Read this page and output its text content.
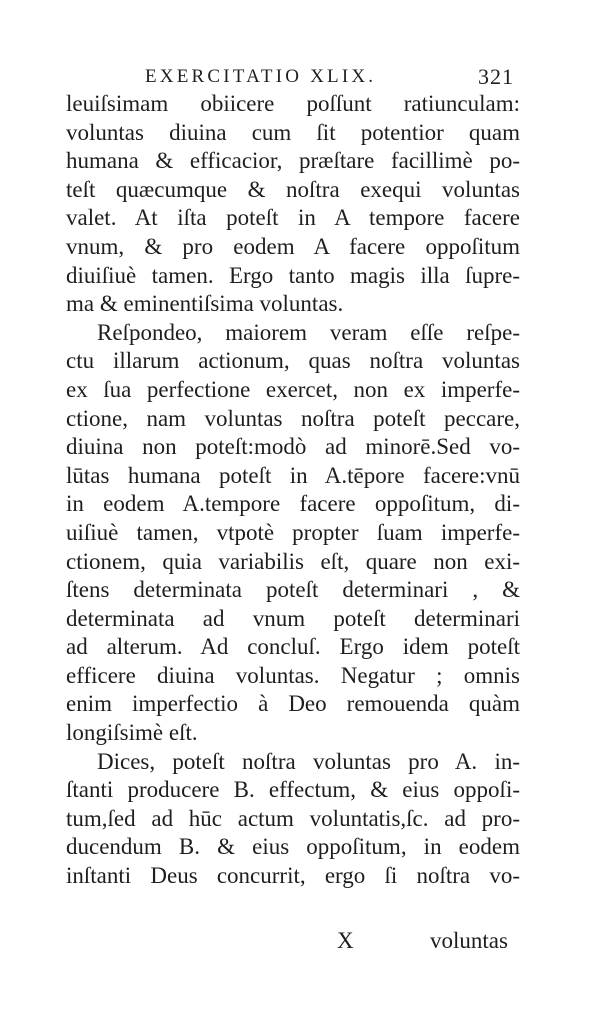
EXERCITATIO XLIX.	321
leuiſsimam obiicere poſſunt ratiunculam:
voluntas diuina cum ſit potentior quam
humana & efficacior, præſtare facillimè po-
teſt quæcumque & noſtra exequi voluntas
valet. At iſta poteſt in A tempore facere
vnum, & pro eodem A facere oppoſitum
diuiſiuè tamen. Ergo tanto magis illa ſupre-
ma & eminentiſsima voluntas.
Reſpondeo, maiorem veram eſſe reſpe-
ctu illarum actionum, quas noſtra voluntas
ex ſua perfectione exercet, non ex imperfe-
ctione, nam voluntas noſtra poteſt peccare,
diuina non poteſt:modò ad minorē.Sed vo-
lūtas humana poteſt in A.tēpore facere:vnū
in eodem A.tempore facere oppoſitum, di-
uiſiuè tamen, vtpotè propter ſuam imperfe-
ctionem, quia variabilis eſt, quare non exi-
ſtens determinata poteſt determinari , &
determinata ad vnum poteſt determinari
ad alterum. Ad concluſ. Ergo idem poteſt
efficere diuina voluntas. Negatur ; omnis
enim imperfectio à Deo remouenda quàm
longiſsimè eſt.
Dices, poteſt noſtra voluntas pro A. in-
ſtanti producere B. effectum, & eius oppoſi-
tum,ſed ad hūc actum voluntatis,ſc. ad pro-
ducendum B. & eius oppoſitum, in eodem
inſtanti Deus concurrit, ergo ſi noſtra vo-
X	voluntas
